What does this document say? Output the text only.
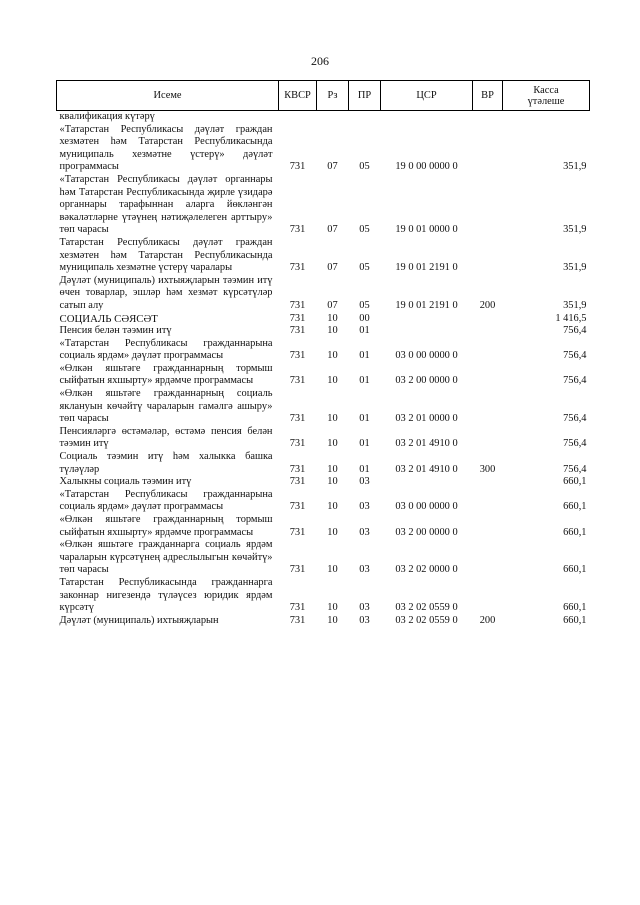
206
Исеме	КВСР	Рз	ПР	ЦСР	ВР	Касса
үтәлеше
квалификация күтәрү						
«Татарстан Республикасы дәүләт граждан хезмәтен һәм Татарстан Республикасында муниципаль хезмәтне үстерү» дәүләт программасы	731	07	05	19 0 00 0000 0		351,9
«Татарстан Республикасы дәүләт органнары һәм Татарстан Республикасында җирле үзидарә органнары тарафыннан аларга йөкләнгән вәкаләтләрне үтәүнең нәтиҗәлелеген арттыру» төп чарасы	731	07	05	19 0 01 0000 0		351,9
Татарстан Республикасы дәүләт граждан хезмәтен һәм Татарстан Республикасында муниципаль хезмәтне үстерү чаралары	731	07	05	19 0 01 2191 0		351,9
Дәүләт (муниципаль) ихтыяҗларын тәэмин итү өчен товарлар, эшләр һәм хезмәт күрсәтүләр сатып алу	731	07	05	19 0 01 2191 0	200	351,9
СОЦИАЛЬ СӘЯСӘТ	731	10	00			1 416,5
Пенсия белән тәэмин итү	731	10	01			756,4
«Татарстан Республикасы гражданнарына социаль ярдәм» дәүләт программасы	731	10	01	03 0 00 0000 0		756,4
«Өлкән яшьтәге гражданнарның тормыш сыйфатын яхшырту» ярдәмче программасы	731	10	01	03 2 00 0000 0		756,4
«Өлкән яшьтәге гражданнарның социаль яклануын көчәйтү чараларын гамәлгә ашыру» төп чарасы	731	10	01	03 2 01 0000 0		756,4
Пенсияләргә өстәмәләр, өстәмә пенсия белән тәэмин итү	731	10	01	03 2 01 4910 0		756,4
Социаль тәэмин итү һәм халыкка башка түләүләр	731	10	01	03 2 01 4910 0	300	756,4
Халыкны социаль тәэмин итү	731	10	03			660,1
«Татарстан Республикасы гражданнарына социаль ярдәм» дәүләт программасы	731	10	03	03 0 00 0000 0		660,1
«Өлкән яшьтәге гражданнарның тормыш сыйфатын яхшырту» ярдәмче программасы	731	10	03	03 2 00 0000 0		660,1
«Өлкән яшьтәге гражданнарга социаль ярдәм чараларын күрсәтүнең адреслылыгын көчәйтү» төп чарасы	731	10	03	03 2 02 0000 0		660,1
Татарстан Республикасында гражданнарга законнар нигезендә түләүсез юридик ярдәм күрсәтү	731	10	03	03 2 02 0559 0		660,1
Дәүләт (муниципаль) ихтыяҗларын	731	10	03	03 2 02 0559 0	200	660,1
